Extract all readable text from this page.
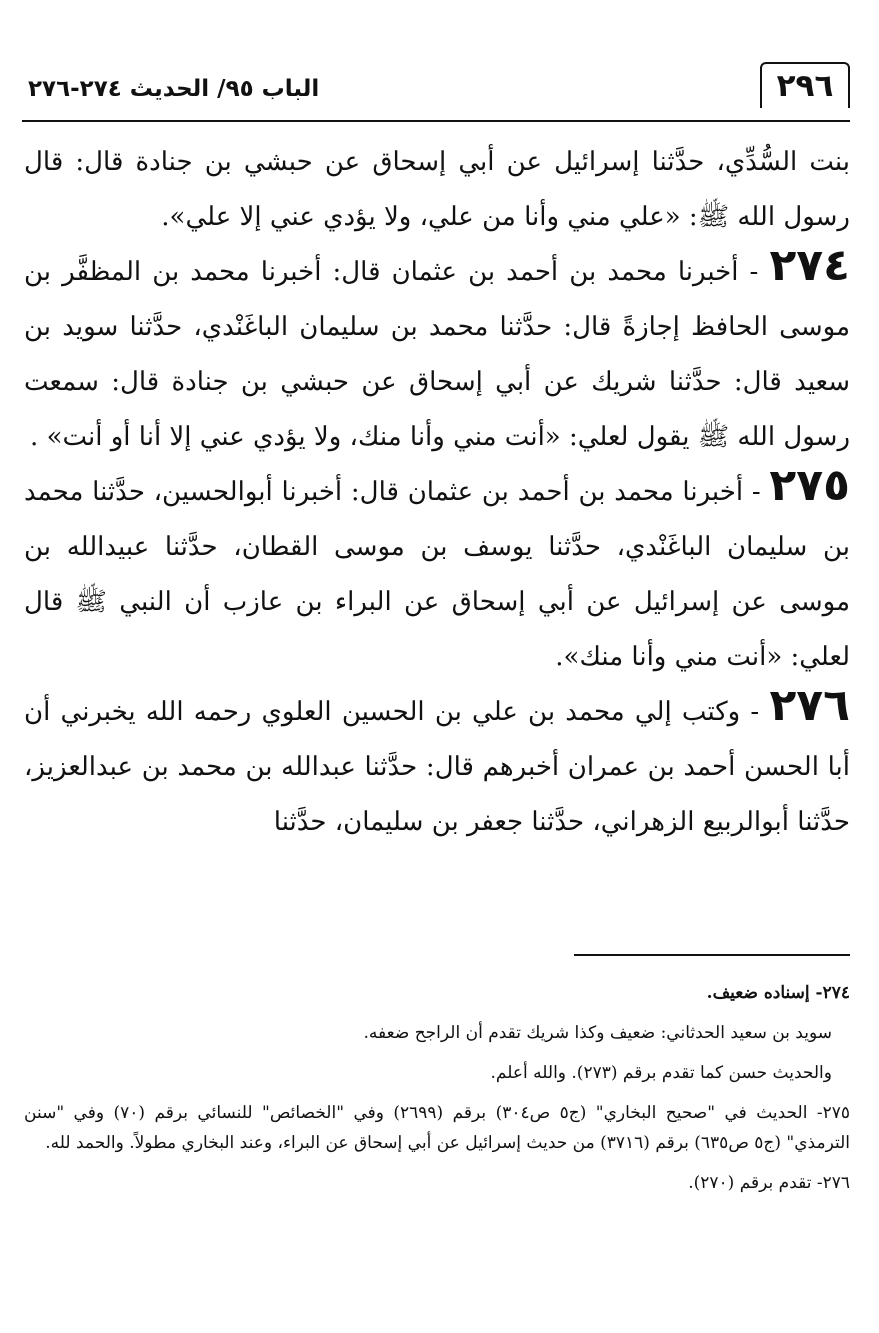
٢٩٦
الباب ٩٥/ الحديث ٢٧٤-٢٧٦

بنت السُّدِّي، حدَّثنا إسرائيل عن أبي إسحاق عن حبشي بن جنادة قال: قال رسول الله ﷺ: «علي مني وأنا من علي، ولا يؤدي عني إلا علي».

٢٧٤ - أخبرنا محمد بن أحمد بن عثمان قال: أخبرنا محمد بن المظفَّر بن موسى الحافظ إجازةً قال: حدَّثنا محمد بن سليمان الباغَنْدي، حدَّثنا سويد بن سعيد قال: حدَّثنا شريك عن أبي إسحاق عن حبشي بن جنادة قال: سمعت رسول الله ﷺ يقول لعلي: «أنت مني وأنا منك، ولا يؤدي عني إلا أنا أو أنت» .

٢٧٥ - أخبرنا محمد بن أحمد بن عثمان قال: أخبرنا أبوالحسين، حدَّثنا محمد بن سليمان الباغَنْدي، حدَّثنا يوسف بن موسى القطان، حدَّثنا عبيدالله بن موسى عن إسرائيل عن أبي إسحاق عن البراء بن عازب أن النبي ﷺ قال لعلي: «أنت مني وأنا منك».

٢٧٦ - وكتب إلي محمد بن علي بن الحسين العلوي رحمه الله يخبرني أن أبا الحسن أحمد بن عمران أخبرهم قال: حدَّثنا عبدالله بن محمد بن عبدالعزيز، حدَّثنا أبوالربيع الزهراني، حدَّثنا جعفر بن سليمان، حدَّثنا

٢٧٤- إسناده ضعيف.

سويد بن سعيد الحدثاني: ضعيف وكذا شريك تقدم أن الراجح ضعفه.

والحديث حسن كما تقدم برقم (٢٧٣). والله أعلم.

٢٧٥- الحديث في "صحيح البخاري" (ج٥ ص٣٠٤) برقم (٢٦٩٩) وفي "الخصائص" للنسائي برقم (٧٠) وفي "سنن الترمذي" (ج٥ ص٦٣٥) برقم (٣٧١٦) من حديث إسرائيل عن أبي إسحاق عن البراء، وعند البخاري مطولاً. والحمد لله.

٢٧٦- تقدم برقم (٢٧٠).
